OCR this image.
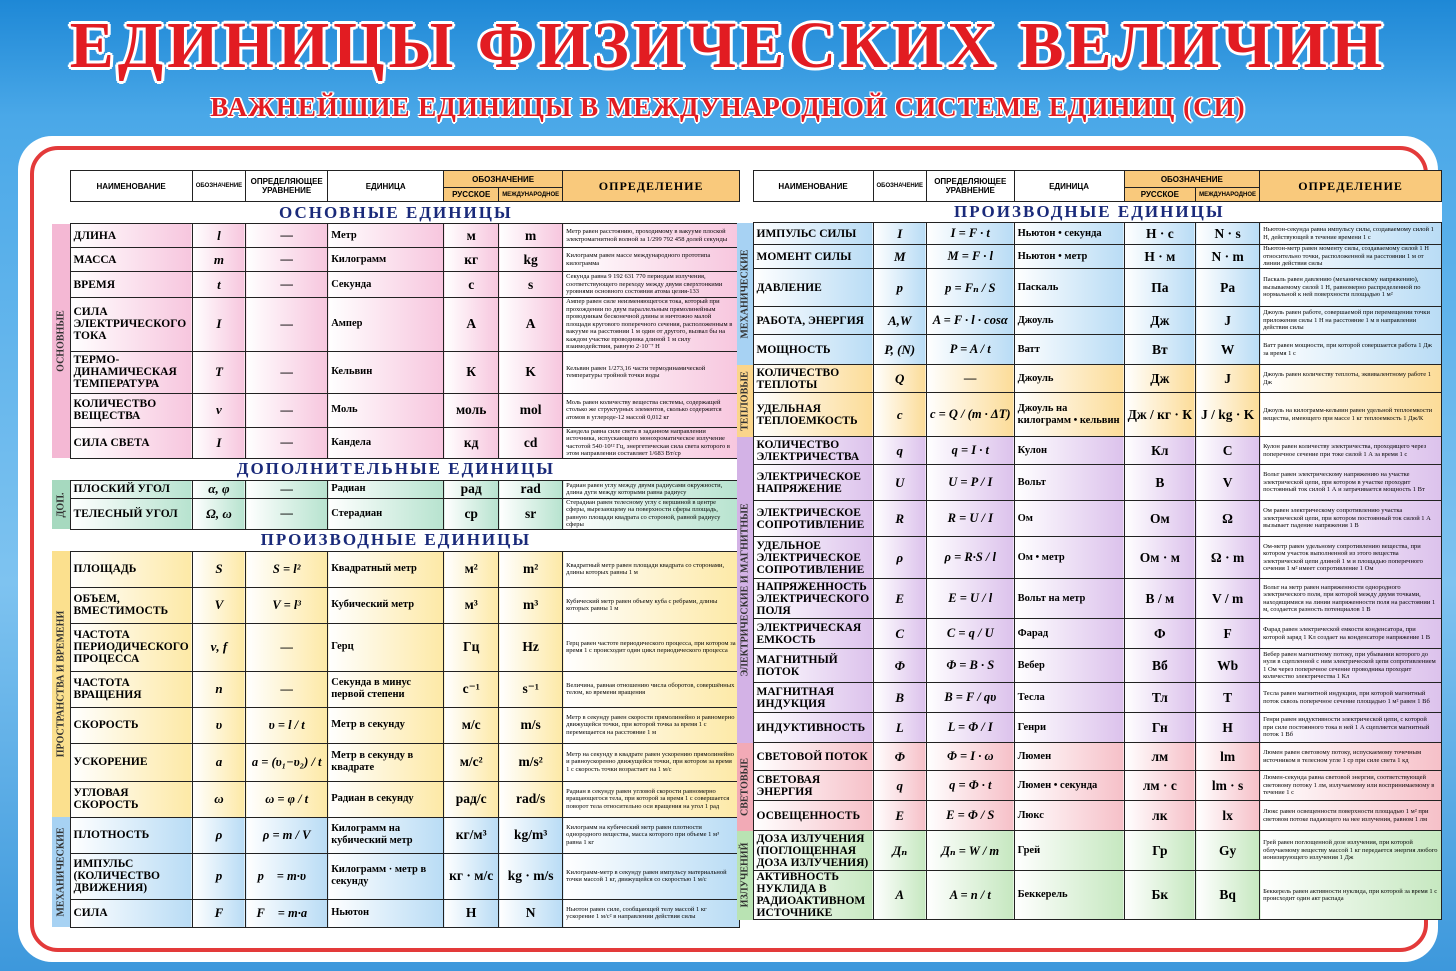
ЕДИНИЦЫ ФИЗИЧЕСКИХ ВЕЛИЧИН
ВАЖНЕЙШИЕ ЕДИНИЦЫ В МЕЖДУНАРОДНОЙ СИСТЕМЕ ЕДИНИЦ (СИ)
	НАИМЕНОВАНИЕ	ОБОЗНАЧЕНИЕ	ОПРЕДЕЛЯЮЩЕЕ УРАВНЕНИЕ	ЕДИНИЦА	ОБОЗНАЧЕНИЕ		ОПРЕДЕЛЕНИЕ
					РУССКОЕ	МЕЖДУНАРОДНОЕ	
ОСНОВНЫЕ ЕДИНИЦЫ							

ОСНОВНЫЕ	ДЛИНА	l	—	Метр	м	m	Метр равен расстоянию, проходимому в вакууме плоской электромагнитной волной за 1/299 792 458 долей секунды
	МАССА	m	—	Килограмм	кг	kg	Килограмм равен массе международного прототипа килограмма
	ВРЕМЯ	t	—	Секунда	с	s	Секунда равна 9 192 631 770 периодам излучения, соответствующего переходу между двумя сверхтонкими уровнями основного состояния атома цезия-133
	СИЛА ЭЛЕКТРИЧЕСКОГО ТОКА	I	—	Ампер	А	A	Ампер равен силе неизменяющегося тока, который при прохождении по двум параллельным прямолинейным проводникам бесконечной длины и ничтожно малой площади кругового поперечного сечения, расположенным в вакууме на расстоянии 1 м один от другого, вызвал бы на каждом участке проводника длиной 1 м силу взаимодействия, равную 2·10⁻⁷ Н
	ТЕРМО-ДИНАМИЧЕСКАЯ ТЕМПЕРАТУРА	T	—	Кельвин	К	K	Кельвин равен 1/273,16 части термодинамической температуры тройной точки воды
	КОЛИЧЕСТВО ВЕЩЕСТВА	ν	—	Моль	моль	mol	Моль равен количеству вещества системы, содержащей столько же структурных элементов, сколько содержится атомов в углероде-12 массой 0,012 кг
	СИЛА СВЕТА	I	—	Кандела	кд	cd	Кандела равна силе света в заданном направлении источника, испускающего монохроматическое излучение частотой 540·10¹² Гц, энергетическая сила света которого в этом направлении составляет 1/683 Вт/ср
ДОПОЛНИТЕЛЬНЫЕ ЕДИНИЦЫ							

ДОП.	ПЛОСКИЙ УГОЛ	α, φ	—	Радиан	рад	rad	Радиан равен углу между двумя радиусами окружности, длина дуги между которыми равна радиусу
	ТЕЛЕСНЫЙ УГОЛ	Ω, ω	—	Стерадиан	ср	sr	Стерадиан равен телесному углу с вершиной в центре сферы, вырезающему на поверхности сферы площадь, равную площади квадрата со стороной, равной радиусу сферы
ПРОИЗВОДНЫЕ ЕДИНИЦЫ							

ПРОСТРАНСТВА И ВРЕМЕНИ	ПЛОЩАДЬ	S	S = l²	Квадратный метр	м²	m²	Квадратный метр равен площади квадрата со сторонами, длины которых равны 1 м
	ОБЪЕМ, ВМЕСТИМОСТЬ	V	V = l³	Кубический метр	м³	m³	Кубический метр равен объему куба с ребрами, длины которых равны 1 м
	ЧАСТОТА ПЕРИОДИЧЕСКОГО ПРОЦЕССА	ν, f	—	Герц	Гц	Hz	Герц равен частоте периодического процесса, при котором за время 1 с происходит один цикл периодического процесса
	ЧАСТОТА ВРАЩЕНИЯ	n	—	Секунда в минус первой степени	с⁻¹	s⁻¹	Величина, равная отношению числа оборотов, совершённых телом, ко времени вращения
	СКОРОСТЬ	υ	υ = l / t	Метр в секунду	м/с	m/s	Метр в секунду равен скорости прямолинейно и равномерно движущейся точки, при которой точка за время 1 с перемещается на расстояние 1 м
	УСКОРЕНИЕ	a	a = (υ₁−υ₂) / t	Метр в секунду в квадрате	м/с²	m/s²	Метр на секунду в квадрате равен ускорению прямолинейно и равноускоренно движущейся точки, при котором за время 1 с скорость точки возрастает на 1 м/с
	УГЛОВАЯ СКОРОСТЬ	ω	ω = φ / t	Радиан в секунду	рад/с	rad/s	Радиан в секунду равен угловой скорости равномерно вращающегося тела, при которой за время 1 с совершается поворот тела относительно оси вращения на угол 1 рад

МЕХАНИЧЕСКИЕ	ПЛОТНОСТЬ	ρ	ρ = m / V	Килограмм на кубический метр	кг/м³	kg/m³	Килограмм на кубический метр равен плотности однородного вещества, масса которого при объеме 1 м³ равна 1 кг
	ИМПУЛЬС (КОЛИЧЕСТВО ДВИЖЕНИЯ)	p	p⃗ = m·υ⃗	Килограмм · метр в секунду	кг · м/с	kg · m/s	Килограмм-метр в секунду равен импульсу материальной точки массой 1 кг, движущейся со скоростью 1 м/с
	СИЛА	F	F⃗ = m·a⃗	Ньютон	Н	N	Ньютон равен силе, сообщающей телу массой 1 кг ускорение 1 м/с² в направлении действия силы
	НАИМЕНОВАНИЕ	ОБОЗНАЧЕНИЕ	ОПРЕДЕЛЯЮЩЕЕ УРАВНЕНИЕ	ЕДИНИЦА	ОБОЗНАЧЕНИЕ		ОПРЕДЕЛЕНИЕ
					РУССКОЕ	МЕЖДУНАРОДНОЕ	
ПРОИЗВОДНЫЕ ЕДИНИЦЫ							

МЕХАНИЧЕСКИЕ	ИМПУЛЬС СИЛЫ	I	I = F · t	Ньютон • секунда	Н · с	N · s	Ньютон-секунда равна импульсу силы, создаваемому силой 1 Н, действующей в течение времени 1 с
	МОМЕНТ СИЛЫ	M	M = F · l	Ньютон • метр	Н · м	N · m	Ньютон-метр равен моменту силы, создаваемому силой 1 Н относительно точки, расположенной на расстоянии 1 м от линии действия силы
	ДАВЛЕНИЕ	p	p = Fₙ / S	Паскаль	Па	Pa	Паскаль равен давлению (механическому напряжению), вызываемому силой 1 Н, равномерно распределенной по нормальной к ней поверхности площадью 1 м²
	РАБОТА, ЭНЕРГИЯ	A,W	A = F · l · cosα	Джоуль	Дж	J	Джоуль равен работе, совершаемой при перемещении точки приложения силы 1 Н на расстояние 1 м в направлении действия силы
	МОЩНОСТЬ	P, (N)	P = A / t	Ватт	Вт	W	Ватт равен мощности, при которой совершается работа 1 Дж за время 1 с

ТЕПЛОВЫЕ	КОЛИЧЕСТВО ТЕПЛОТЫ	Q	—	Джоуль	Дж	J	Джоуль равен количеству теплоты, эквивалентному работе 1 Дж
	УДЕЛЬНАЯ ТЕПЛОЕМКОСТЬ	c	c = Q / (m · ΔT)	Джоуль на килограмм • кельвин	Дж / кг · К	J / kg · K	Джоуль на килограмм-кельвин равен удельной теплоемкости вещества, имеющего при массе 1 кг теплоемкость 1 Дж/К

ЭЛЕКТРИЧЕСКИЕ И МАГНИТНЫЕ	КОЛИЧЕСТВО ЭЛЕКТРИЧЕСТВА	q	q = I · t	Кулон	Кл	C	Кулон равен количеству электричества, проходящего через поперечное сечение при токе силой 1 А за время 1 с
	ЭЛЕКТРИЧЕСКОЕ НАПРЯЖЕНИЕ	U	U = P / I	Вольт	В	V	Вольт равен электрическому напряжению на участке электрической цепи, при котором в участке проходит постоянный ток силой 1 А и затрачивается мощность 1 Вт
	ЭЛЕКТРИЧЕСКОЕ СОПРОТИВЛЕНИЕ	R	R = U / I	Ом	Ом	Ω	Ом равен электрическому сопротивлению участка электрической цепи, при котором постоянный ток силой 1 А вызывает падение напряжения 1 В
	УДЕЛЬНОЕ ЭЛЕКТРИЧЕСКОЕ СОПРОТИВЛЕНИЕ	ρ	ρ = R·S / l	Ом • метр	Ом · м	Ω · m	Ом-метр равен удельному сопротивлению вещества, при котором участок выполненной из этого вещества электрической цепи длиной 1 м и площадью поперечного сечения 1 м² имеет сопротивление 1 Ом
	НАПРЯЖЕННОСТЬ ЭЛЕКТРИЧЕСКОГО ПОЛЯ	E	E = U / l	Вольт на метр	В / м	V / m	Вольт на метр равен напряженности однородного электрического поля, при которой между двумя точками, находящимися на линии напряженности поля на расстоянии 1 м, создается разность потенциалов 1 В
	ЭЛЕКТРИЧЕСКАЯ ЕМКОСТЬ	C	C = q / U	Фарад	Ф	F	Фарад равен электрической емкости конденсатора, при которой заряд 1 Кл создает на конденсаторе напряжение 1 В
	МАГНИТНЫЙ ПОТОК	Φ	Φ = B · S	Вебер	Вб	Wb	Вебер равен магнитному потоку, при убывании которого до нуля в сцепленной с ним электрической цепи сопротивлением 1 Ом через поперечное сечение проводника проходит количество электричества 1 Кл
	МАГНИТНАЯ ИНДУКЦИЯ	B	B = F / qυ	Тесла	Тл	T	Тесла равен магнитной индукции, при которой магнитный поток сквозь поперечное сечение площадью 1 м² равен 1 Вб
	ИНДУКТИВНОСТЬ	L	L = Φ / I	Генри	Гн	H	Генри равен индуктивности электрической цепи, с которой при силе постоянного тока в ней 1 А сцепляется магнитный поток 1 Вб

СВЕТОВЫЕ	СВЕТОВОЙ ПОТОК	Φ	Φ = I · ω	Люмен	лм	lm	Люмен равен световому потоку, испускаемому точечным источником в телесном угле 1 ср при силе света 1 кд
	СВЕТОВАЯ ЭНЕРГИЯ	q	q = Φ · t	Люмен • секунда	лм · с	lm · s	Люмен-секунда равна световой энергии, соответствующей световому потоку 1 лм, излучаемому или воспринимаемому в течение 1 с
	ОСВЕЩЕННОСТЬ	E	E = Φ / S	Люкс	лк	lx	Люкс равен освещенности поверхности площадью 1 м² при световом потоке падающего на нее излучения, равном 1 лм

ИЗЛУЧЕНИЙ	ДОЗА ИЗЛУЧЕНИЯ (ПОГЛОЩЕННАЯ ДОЗА ИЗЛУЧЕНИЯ)	Дₙ	Дₙ = W / m	Грей	Гр	Gy	Грей равен поглощенной дозе излучения, при которой облучаемому веществу массой 1 кг передается энергия любого ионизирующего излучения 1 Дж
	АКТИВНОСТЬ НУКЛИДА В РАДИОАКТИВНОМ ИСТОЧНИКЕ	A	A = n / t	Беккерель	Бк	Bq	Беккерель равен активности нуклида, при которой за время 1 с происходит один акт распада
